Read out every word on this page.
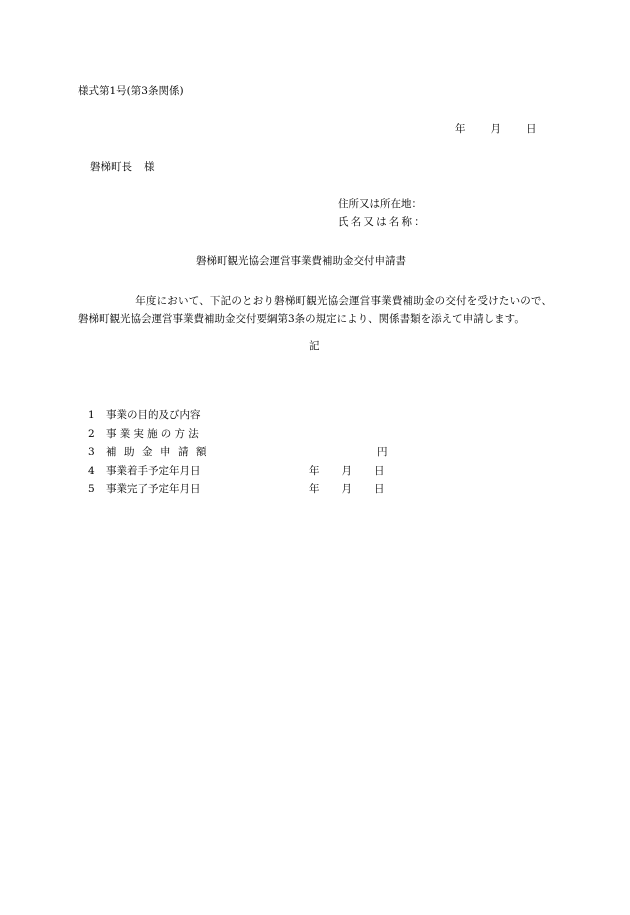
様式第1号(第3条関係)
年 月 日
磐梯町長 様
住所又は所在地：
氏名又は名称：
磐梯町観光協会運営事業費補助金交付申請書
年度において、下記のとおり磐梯町観光協会運営事業費補助金の交付を受けたいので、磐梯町観光協会運営事業費補助金交付要綱第3条の規定により、関係書類を添えて申請します。
記
1	事業の目的及び内容
2	事業実施の方法
3	補助金申請額	円
4	事業着手予定年月日	年 月 日
5	事業完了予定年月日	年 月 日
